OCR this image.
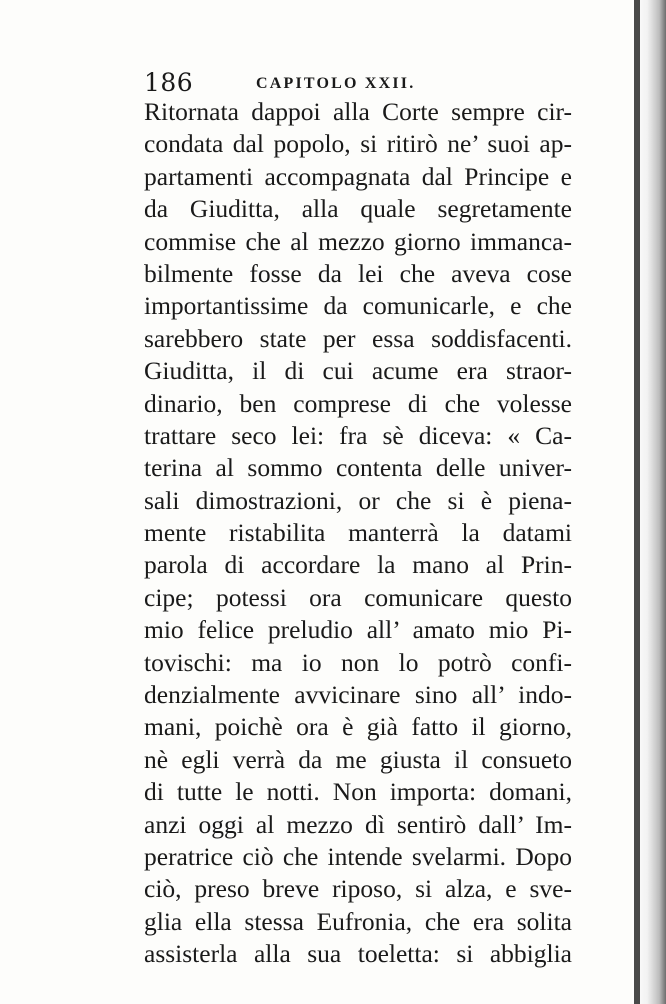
186	CAPITOLO XXII.
Ritornata dappoi alla Corte sempre cir-
condata dal popolo, si ritirò ne’ suoi ap-
partamenti accompagnata dal Principe e
da Giuditta, alla quale segretamente
commise che al mezzo giorno immanca-
bilmente fosse da lei che aveva cose
importantissime da comunicarle, e che
sarebbero state per essa soddisfacenti.
Giuditta, il di cui acume era straor-
dinario, ben comprese di che volesse
trattare seco lei: fra sè diceva: « Ca-
terina al sommo contenta delle univer-
sali dimostrazioni, or che si è piena-
mente ristabilita manterrà la datami
parola di accordare la mano al Prin-
cipe; potessi ora comunicare questo
mio felice preludio all’ amato mio Pi-
tovischi: ma io non lo potrò confi-
denzialmente avvicinare sino all’ indo-
mani, poichè ora è già fatto il giorno,
nè egli verrà da me giusta il consueto
di tutte le notti. Non importa: domani,
anzi oggi al mezzo dì sentirò dall’ Im-
peratrice ciò che intende svelarmi. Dopo
ciò, preso breve riposo, si alza, e sve-
glia ella stessa Eufronia, che era solita
assisterla alla sua toeletta: si abbiglia
